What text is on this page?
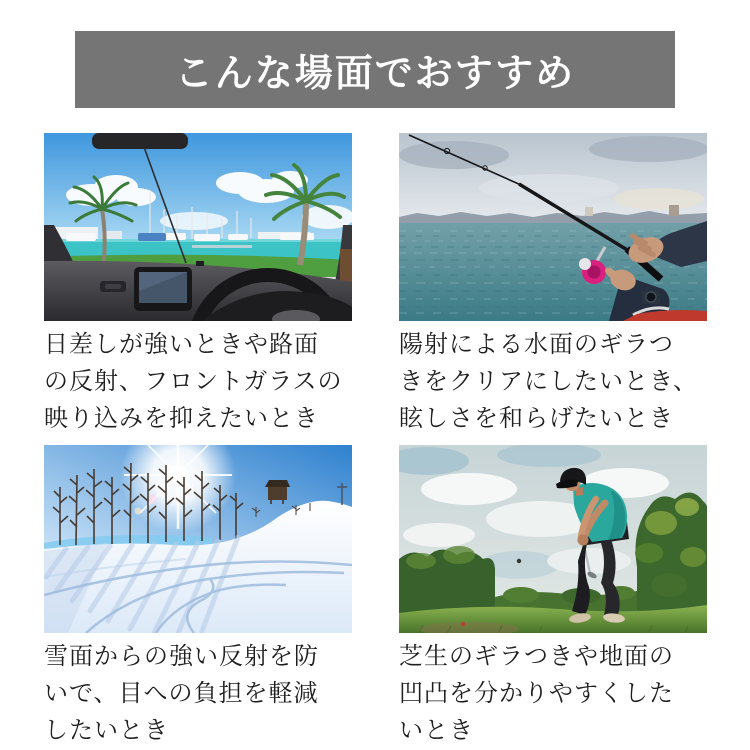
こんな場面でおすすめ
日差しが強いときや路面
の反射、フロントガラスの
映り込みを抑えたいとき
陽射による水面のギラつ
きをクリアにしたいとき、
眩しさを和らげたいとき
雪面からの強い反射を防
いで、目への負担を軽減
したいとき
芝生のギラつきや地面の
凹凸を分かりやすくした
いとき
